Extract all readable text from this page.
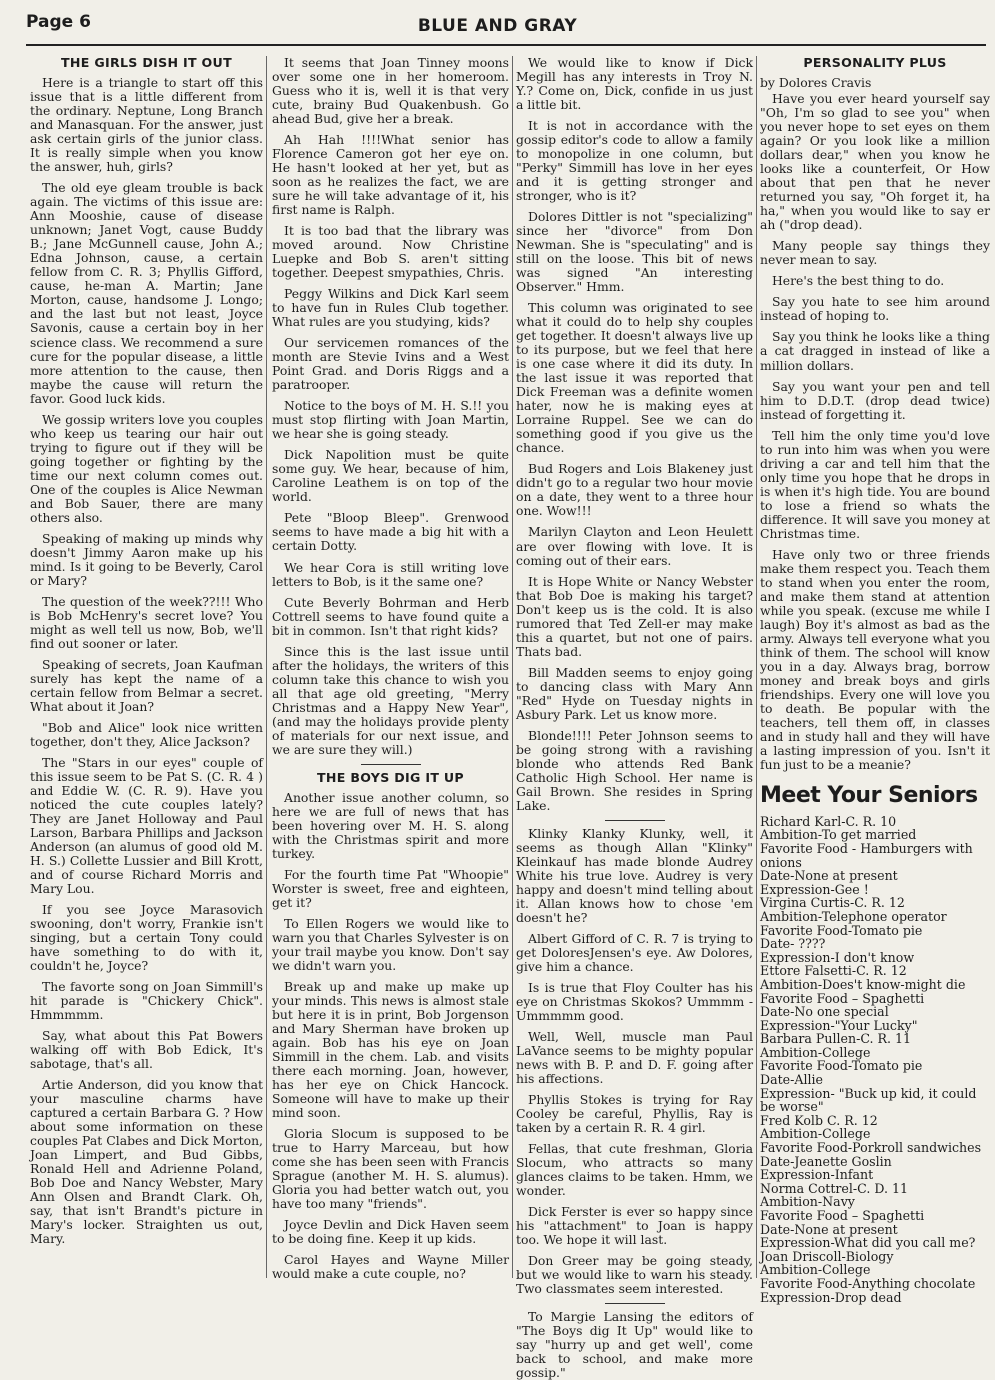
Page 6	BLUE AND GRAY
THE GIRLS DISH IT OUT

Here is a triangle to start off this issue that is a little different from the ordinary. Neptune, Long Branch and Manasquan. For the answer, just ask certain girls of the junior class. It is really simple when you know the answer, huh, girls?

The old eye gleam trouble is back again. The victims of this issue are: Ann Mooshie, cause of disease unknown; Janet Vogt, cause Buddy B.; Jane McGunnell cause, John A.; Edna Johnson, cause, a certain fellow from C. R. 3; Phyllis Gifford, cause, he-man A. Martin; Jane Morton, cause, handsome J. Longo; and the last but not least, Joyce Savonis, cause a certain boy in her science class. We recommend a sure cure for the popular disease, a little more attention to the cause, then maybe the cause will return the favor. Good luck kids.

We gossip writers love you couples who keep us tearing our hair out trying to figure out if they will be going together or fighting by the time our next column comes out. One of the couples is Alice Newman and Bob Sauer, there are many others also.

Speaking of making up minds why doesn't Jimmy Aaron make up his mind. Is it going to be Beverly, Carol or Mary?

The question of the week??!!! Who is Bob McHenry's secret love? You might as well tell us now, Bob, we'll find out sooner or later.

Speaking of secrets, Joan Kaufman surely has kept the name of a certain fellow from Belmar a secret. What about it Joan?

"Bob and Alice" look nice written together, don't they, Alice Jackson?

The "Stars in our eyes" couple of this issue seem to be Pat S. (C. R. 4 ) and Eddie W. (C. R. 9). Have you noticed the cute couples lately? They are Janet Holloway and Paul Larson, Barbara Phillips and Jackson Anderson (an alumus of good old M. H. S.) Collette Lussier and Bill Krott, and of course Richard Morris and Mary Lou.

If you see Joyce Marasovich swooning, don't worry, Frankie isn't singing, but a certain Tony could have something to do with it, couldn't he, Joyce?

The favorte song on Joan Simmill's hit parade is "Chickery Chick". Hmmmmm.

Say, what about this Pat Bowers walking off with Bob Edick, It's sabotage, that's all.

Artie Anderson, did you know that your masculine charms have captured a certain Barbara G. ? How about some information on these couples Pat Clabes and Dick Morton, Joan Limpert, and Bud Gibbs, Ronald Hell and Adrienne Poland, Bob Doe and Nancy Webster, Mary Ann Olsen and Brandt Clark. Oh, say, that isn't Brandt's picture in Mary's locker. Straighten us out, Mary.

It seems that Joan Tinney moons over some one in her homeroom. Guess who it is, well it is that very cute, brainy Bud Quakenbush. Go ahead Bud, give her a break.

Ah Hah !!!!What senior has Florence Cameron got her eye on. He hasn't looked at her yet, but as soon as he realizes the fact, we are sure he will take advantage of it, his first name is Ralph.

It is too bad that the library was moved around. Now Christine Luepke and Bob S. aren't sitting together. Deepest smypathies, Chris.

Peggy Wilkins and Dick Karl seem to have fun in Rules Club together. What rules are you studying, kids?

Our servicemen romances of the month are Stevie Ivins and a West Point Grad. and Doris Riggs and a paratrooper.

Notice to the boys of M. H. S.!! you must stop flirting with Joan Martin, we hear she is going steady.

Dick Napolition must be quite some guy. We hear, because of him, Caroline Leathem is on top of the world.

Pete "Bloop Bleep". Grenwood seems to have made a big hit with a certain Dotty.

We hear Cora is still writing love letters to Bob, is it the same one?

Cute Beverly Bohrman and Herb Cottrell seems to have found quite a bit in common. Isn't that right kids?

Since this is the last issue until after the holidays, the writers of this column take this chance to wish you all that age old greeting, "Merry Christmas and a Happy New Year", (and may the holidays provide plenty of materials for our next issue, and we are sure they will.)

THE BOYS DIG IT UP

Another issue another column, so here we are full of news that has been hovering over M. H. S. along with the Christmas spirit and more turkey.

For the fourth time Pat "Whoopie" Worster is sweet, free and eighteen, get it?

To Ellen Rogers we would like to warn you that Charles Sylvester is on your trail maybe you know. Don't say we didn't warn you.

Break up and make up make up your minds. This news is almost stale but here it is in print, Bob Jorgenson and Mary Sherman have broken up again. Bob has his eye on Joan Simmill in the chem. Lab. and visits there each morning. Joan, however, has her eye on Chick Hancock. Someone will have to make up their mind soon.

Gloria Slocum is supposed to be true to Harry Marceau, but how come she has been seen with Francis Sprague (another M. H. S. alumus). Gloria you had better watch out, you have too many "friends".

Joyce Devlin and Dick Haven seem to be doing fine. Keep it up kids.

Carol Hayes and Wayne Miller would make a cute couple, no?

We would like to know if Dick Megill has any interests in Troy N. Y.? Come on, Dick, confide in us just a little bit.

It is not in accordance with the gossip editor's code to allow a family to monopolize in one column, but "Perky" Simmill has love in her eyes and it is getting stronger and stronger, who is it?

Dolores Dittler is not "specializing" since her "divorce" from Don Newman. She is "speculating" and is still on the loose. This bit of news was signed "An interesting Observer." Hmm.

This column was originated to see what it could do to help shy couples get together. It doesn't always live up to its purpose, but we feel that here is one case where it did its duty. In the last issue it was reported that Dick Freeman was a definite women hater, now he is making eyes at Lorraine Ruppel. See we can do something good if you give us the chance.

Bud Rogers and Lois Blakeney just didn't go to a regular two hour movie on a date, they went to a three hour one. Wow!!!

Marilyn Clayton and Leon Heulett are over flowing with love. It is coming out of their ears.

It is Hope White or Nancy Webster that Bob Doe is making his target? Don't keep us is the cold. It is also rumored that Ted Zell-er may make this a quartet, but not one of pairs. Thats bad.

Bill Madden seems to enjoy going to dancing class with Mary Ann "Red" Hyde on Tuesday nights in Asbury Park. Let us know more.

Blonde!!!! Peter Johnson seems to be going strong with a ravishing blonde who attends Red Bank Catholic High School. Her name is Gail Brown. She resides in Spring Lake.

Klinky Klanky Klunky, well, it seems as though Allan "Klinky" Kleinkauf has made blonde Audrey White his true love. Audrey is very happy and doesn't mind telling about it. Allan knows how to chose 'em doesn't he?

Albert Gifford of C. R. 7 is trying to get DoloresJensen's eye. Aw Dolores, give him a chance.

Is is true that Floy Coulter has his eye on Christmas Skokos? Ummmm - Ummmmm good.

Well, Well, muscle man Paul LaVance seems to be mighty popular news with B. P. and D. F. going after his affections.

Phyllis Stokes is trying for Ray Cooley be careful, Phyllis, Ray is taken by a certain R. R. 4 girl.

Fellas, that cute freshman, Gloria Slocum, who attracts so many glances claims to be taken. Hmm, we wonder.

Dick Ferster is ever so happy since his "attachment" to Joan is happy too. We hope it will last.

Don Greer may be going steady, but we would like to warn his steady. Two classmates seem interested.

To Margie Lansing the editors of "The Boys dig It Up" would like to say "hurry up and get well', come back to school, and make more gossip."

PERSONALITY PLUS
by Dolores Cravis

Have you ever heard yourself say "Oh, I'm so glad to see you" when you never hope to set eyes on them again? Or you look like a million dollars dear," when you know he looks like a counterfeit, Or How about that pen that he never returned you say, "Oh forget it, ha ha," when you would like to say er ah ("drop dead).

Many people say things they never mean to say.

Here's the best thing to do.

Say you hate to see him around instead of hoping to.

Say you think he looks like a thing a cat dragged in instead of like a million dollars.

Say you want your pen and tell him to D.D.T. (drop dead twice) instead of forgetting it.

Tell him the only time you'd love to run into him was when you were driving a car and tell him that the only time you hope that he drops in is when it's high tide. You are bound to lose a friend so whats the difference. It will save you money at Christmas time.

Have only two or three friends make them respect you. Teach them to stand when you enter the room, and make them stand at attention while you speak. (excuse me while I laugh) Boy it's almost as bad as the army. Always tell everyone what you think of them. The school will know you in a day. Always brag, borrow money and break boys and girls friendships. Every one will love you to death. Be popular with the teachers, tell them off, in classes and in study hall and they will have a lasting impression of you. Isn't it fun just to be a meanie?

Meet Your Seniors
Richard Karl-C. R. 10
Ambition-To get married
Favorite Food - Hamburgers with onions
Date-None at present
Expression-Gee !
Virgina Curtis-C. R. 12
Ambition-Telephone operator
Favorite Food-Tomato pie
Date- ????
Expression-I don't know
Ettore Falsetti-C. R. 12
Ambition-Does't know-might die
Favorite Food – Spaghetti
Date-No one special
Expression-"Your Lucky"
Barbara Pullen-C. R. 11
Ambition-College
Favorite Food-Tomato pie
Date-Allie
Expression- "Buck up kid, it could be worse"
Fred Kolb C. R. 12
Ambition-College
Favorite Food-Porkroll sandwiches
Date-Jeanette Goslin
Expression-Infant
Norma Cottrel-C. D. 11
Ambition-Navy
Favorite Food – Spaghetti
Date-None at present
Expression-What did you call me?
Joan Driscoll-Biology
Ambition-College
Favorite Food-Anything chocolate
Expression-Drop dead
